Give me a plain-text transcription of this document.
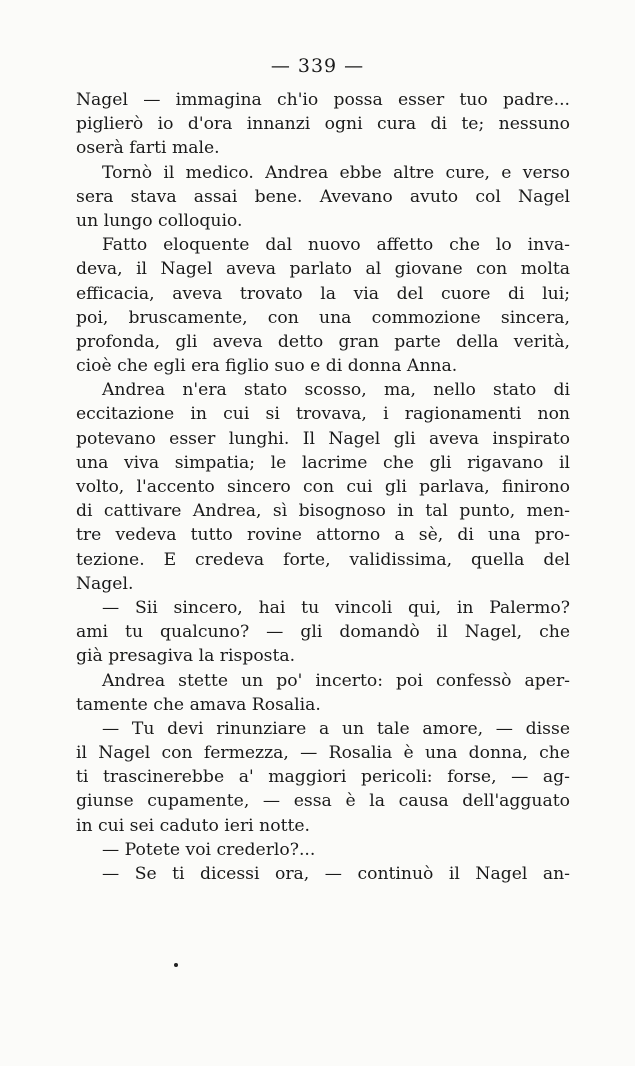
— 339 —
Nagel — immagina ch'io possa esser tuo padre...
piglierò io d'ora innanzi ogni cura di te; nessuno
oserà farti male.
Tornò il medico. Andrea ebbe altre cure, e verso
sera stava assai bene. Avevano avuto col Nagel
un lungo colloquio.
Fatto eloquente dal nuovo affetto che lo inva-
deva, il Nagel aveva parlato al giovane con molta
efficacia, aveva trovato la via del cuore di lui;
poi, bruscamente, con una commozione sincera,
profonda, gli aveva detto gran parte della verità,
cioè che egli era figlio suo e di donna Anna.
Andrea n'era stato scosso, ma, nello stato di
eccitazione in cui si trovava, i ragionamenti non
potevano esser lunghi. Il Nagel gli aveva inspirato
una viva simpatia; le lacrime che gli rigavano il
volto, l'accento sincero con cui gli parlava, finirono
di cattivare Andrea, sì bisognoso in tal punto, men-
tre vedeva tutto rovine attorno a sè, di una pro-
tezione. E credeva forte, validissima, quella del
Nagel.
— Sii sincero, hai tu vincoli qui, in Palermo?
ami tu qualcuno? — gli domandò il Nagel, che
già presagiva la risposta.
Andrea stette un po' incerto: poi confessò aper-
tamente che amava Rosalia.
— Tu devi rinunziare a un tale amore, — disse
il Nagel con fermezza, — Rosalia è una donna, che
ti trascinerebbe a' maggiori pericoli: forse, — ag-
giunse cupamente, — essa è la causa dell'agguato
in cui sei caduto ieri notte.
— Potete voi crederlo?...
— Se ti dicessi ora, — continuò il Nagel an-
